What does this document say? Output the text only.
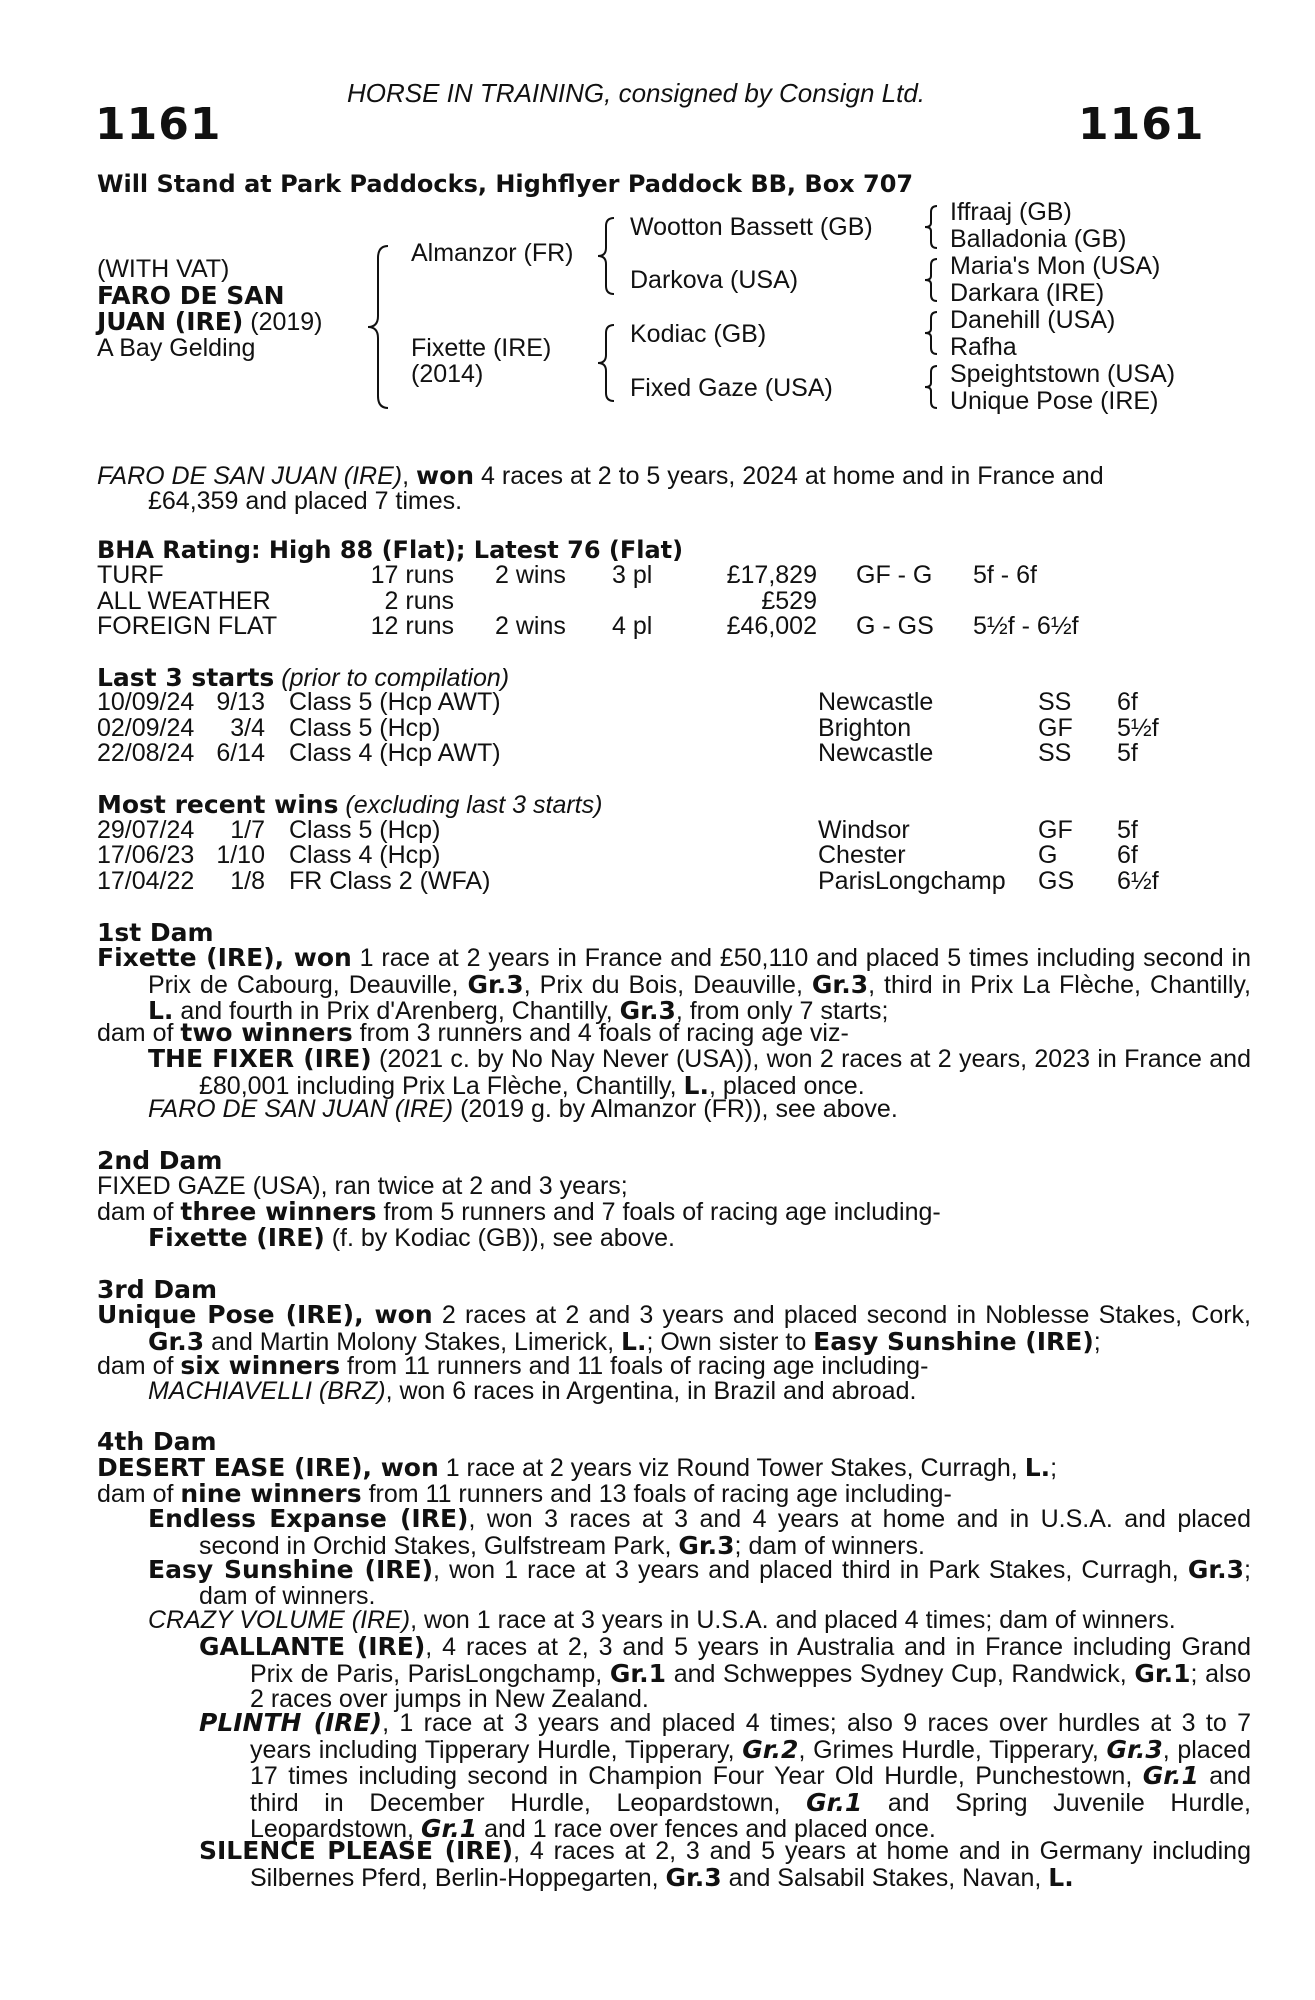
HORSE IN TRAINING, consigned by Consign Ltd.
1161	1161
Will Stand at Park Paddocks, Highflyer Paddock BB, Box 707
(WITH VAT)
FARO DE SAN
JUAN (IRE) (2019)
A Bay Gelding
Almanzor (FR)
Fixette (IRE)
(2014)
Wootton Bassett (GB)
Darkova (USA)
Kodiac (GB)
Fixed Gaze (USA)
Iffraaj (GB)
Balladonia (GB)
Maria's Mon (USA)
Darkara (IRE)
Danehill (USA)
Rafha
Speightstown (USA)
Unique Pose (IRE)
FARO DE SAN JUAN (IRE), won 4 races at 2 to 5 years, 2024 at home and in France and
£64,359 and placed 7 times.
BHA Rating: High 88 (Flat); Latest 76 (Flat)
TURF	17 runs 2 wins 3 pl	£17,829 GF - G 5f - 6f
ALL WEATHER	2 runs	£529
FOREIGN FLAT	12 runs 2 wins 4 pl	£46,002 G - GS 5½f - 6½f
Last 3 starts (prior to compilation)
10/09/24 9/13 Class 5 (Hcp AWT)	Newcastle	SS 6f
02/09/24 3/4 Class 5 (Hcp)	Brighton	GF 5½f
22/08/24 6/14 Class 4 (Hcp AWT)	Newcastle	SS 5f
Most recent wins (excluding last 3 starts)
29/07/24 1/7 Class 5 (Hcp)	Windsor	GF 5f
17/06/23 1/10 Class 4 (Hcp)	Chester	G 6f
17/04/22 1/8 FR Class 2 (WFA)	ParisLongchamp GS 6½f
1st Dam
Fixette (IRE), won 1 race at 2 years in France and £50,110 and placed 5 times including second in Prix de Cabourg, Deauville, Gr.3, Prix du Bois, Deauville, Gr.3, third in Prix La Flèche, Chantilly, L. and fourth in Prix d'Arenberg, Chantilly, Gr.3, from only 7 starts;
dam of two winners from 3 runners and 4 foals of racing age viz-
THE FIXER (IRE) (2021 c. by No Nay Never (USA)), won 2 races at 2 years, 2023 in France and £80,001 including Prix La Flèche, Chantilly, L., placed once.
FARO DE SAN JUAN (IRE) (2019 g. by Almanzor (FR)), see above.
2nd Dam
FIXED GAZE (USA), ran twice at 2 and 3 years;
dam of three winners from 5 runners and 7 foals of racing age including-
Fixette (IRE) (f. by Kodiac (GB)), see above.
3rd Dam
Unique Pose (IRE), won 2 races at 2 and 3 years and placed second in Noblesse Stakes, Cork, Gr.3 and Martin Molony Stakes, Limerick, L.; Own sister to Easy Sunshine (IRE);
dam of six winners from 11 runners and 11 foals of racing age including-
MACHIAVELLI (BRZ), won 6 races in Argentina, in Brazil and abroad.
4th Dam
DESERT EASE (IRE), won 1 race at 2 years viz Round Tower Stakes, Curragh, L.;
dam of nine winners from 11 runners and 13 foals of racing age including-
Endless Expanse (IRE), won 3 races at 3 and 4 years at home and in U.S.A. and placed second in Orchid Stakes, Gulfstream Park, Gr.3; dam of winners.
Easy Sunshine (IRE), won 1 race at 3 years and placed third in Park Stakes, Curragh, Gr.3; dam of winners.
CRAZY VOLUME (IRE), won 1 race at 3 years in U.S.A. and placed 4 times; dam of winners.
GALLANTE (IRE), 4 races at 2, 3 and 5 years in Australia and in France including Grand Prix de Paris, ParisLongchamp, Gr.1 and Schweppes Sydney Cup, Randwick, Gr.1; also 2 races over jumps in New Zealand.
PLINTH (IRE), 1 race at 3 years and placed 4 times; also 9 races over hurdles at 3 to 7 years including Tipperary Hurdle, Tipperary, Gr.2, Grimes Hurdle, Tipperary, Gr.3, placed 17 times including second in Champion Four Year Old Hurdle, Punchestown, Gr.1 and third in December Hurdle, Leopardstown, Gr.1 and Spring Juvenile Hurdle, Leopardstown, Gr.1 and 1 race over fences and placed once.
SILENCE PLEASE (IRE), 4 races at 2, 3 and 5 years at home and in Germany including Silbernes Pferd, Berlin-Hoppegarten, Gr.3 and Salsabil Stakes, Navan, L.
